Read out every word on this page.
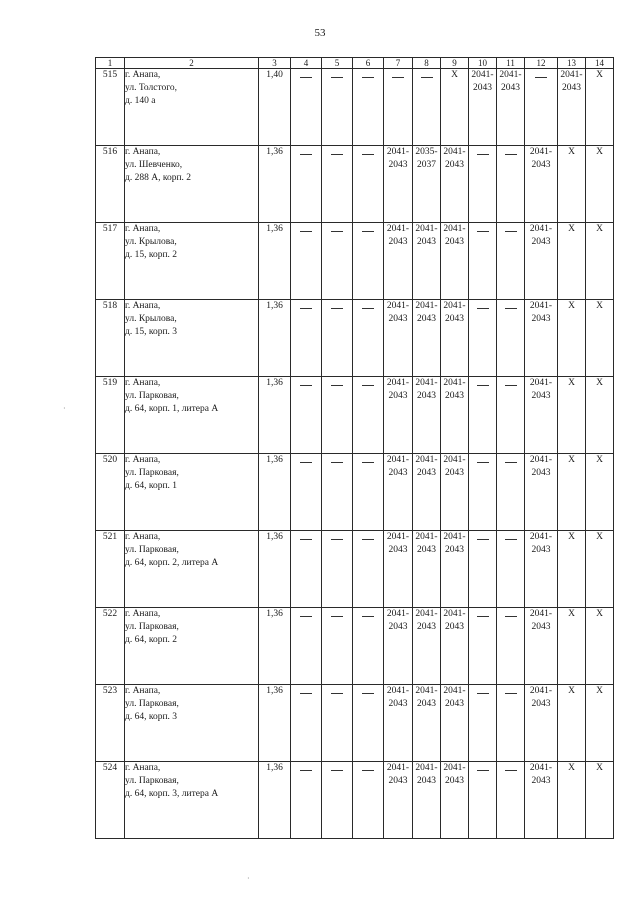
53
1	2	3	4	5	6	7	8	9	10	11	12	13	14	
515	г. Анапа,
ул. Толстого,
д. 140 а	1,40						X	2041-
2043	2041-
2043		2041-
2043	X

516	г. Анапа,
ул. Шевченко,
д. 288 А, корп. 2	1,36				2041-
2043	2035-
2037	2041-
2043			2041-
2043	X	X	

517	г. Анапа,
ул. Крылова,
д. 15, корп. 2	1,36				2041-
2043	2041-
2043	2041-
2043			2041-
2043	X	X	

518	г. Анапа,
ул. Крылова,
д. 15, корп. 3	1,36				2041-
2043	2041-
2043	2041-
2043			2041-
2043	X	X	

519	г. Анапа,
ул. Парковая,
д. 64, корп. 1, литера А	1,36				2041-
2043	2041-
2043	2041-
2043			2041-
2043	X	X	

520	г. Анапа,
ул. Парковая,
д. 64, корп. 1	1,36				2041-
2043	2041-
2043	2041-
2043			2041-
2043	X	X	

521	г. Анапа,
ул. Парковая,
д. 64, корп. 2, литера А	1,36				2041-
2043	2041-
2043	2041-
2043			2041-
2043	X	X	

522	г. Анапа,
ул. Парковая,
д. 64, корп. 2	1,36				2041-
2043	2041-
2043	2041-
2043			2041-
2043	X	X	

523	г. Анапа,
ул. Парковая,
д. 64, корп. 3	1,36				2041-
2043	2041-
2043	2041-
2043			2041-
2043	X	X	

524	г. Анапа,
ул. Парковая,
д. 64, корп. 3, литера А	1,36				2041-
2043	2041-
2043	2041-
2043			2041-
2043	X	X	
·
·
